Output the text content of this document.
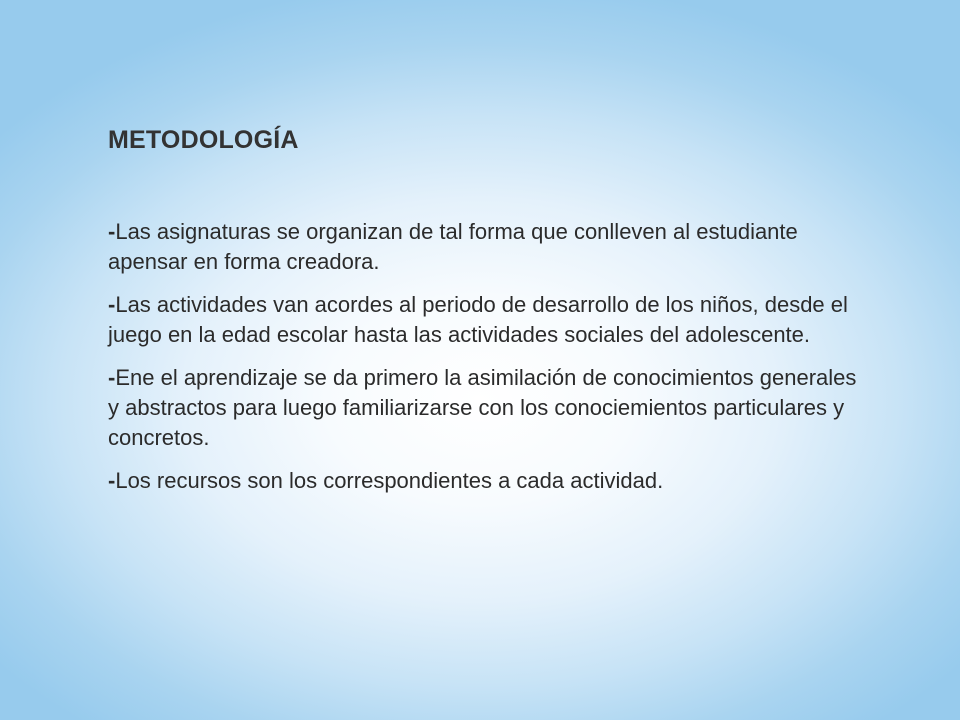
METODOLOGÍA

-Las asignaturas se organizan de tal forma que conlleven al estudiante apensar en forma creadora.

-Las actividades van acordes al periodo de desarrollo de los niños, desde el juego en la edad escolar hasta las actividades sociales del adolescente.

-Ene el aprendizaje se da primero la asimilación de conocimientos generales y abstractos para luego familiarizarse con los conociemientos particulares y concretos.

-Los recursos son los correspondientes a cada actividad.
